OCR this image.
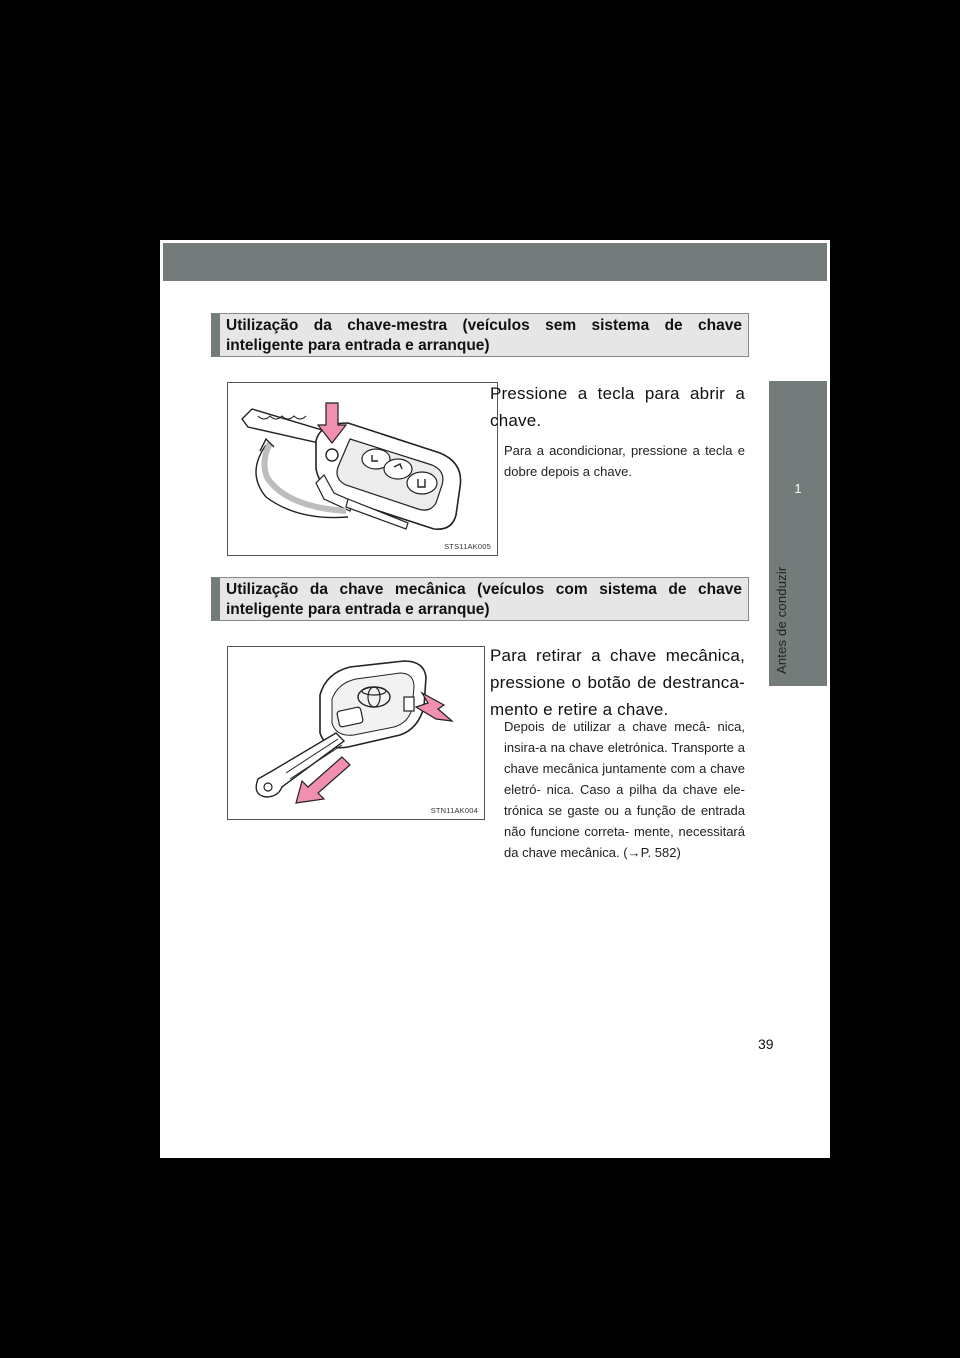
1
Antes de conduzir
Utilização da chave-mestra (veículos sem sistema de chave inteligente para entrada e arranque)
STS11AK005
Pressione a tecla para abrir a chave.
Para a acondicionar, pressione a tecla e dobre depois a chave.
Utilização da chave mecânica (veículos com sistema de chave inteligente para entrada e arranque)
STN11AK004
Para retirar a chave mecânica, pressione o botão de destranca- mento e retire a chave.
Depois de utilizar a chave mecâ- nica, insira-a na chave eletrónica. Transporte a chave mecânica juntamente com a chave eletró- nica. Caso a pilha da chave ele- trónica se gaste ou a função de entrada não funcione correta- mente, necessitará da chave mecânica. (→P. 582)
39
